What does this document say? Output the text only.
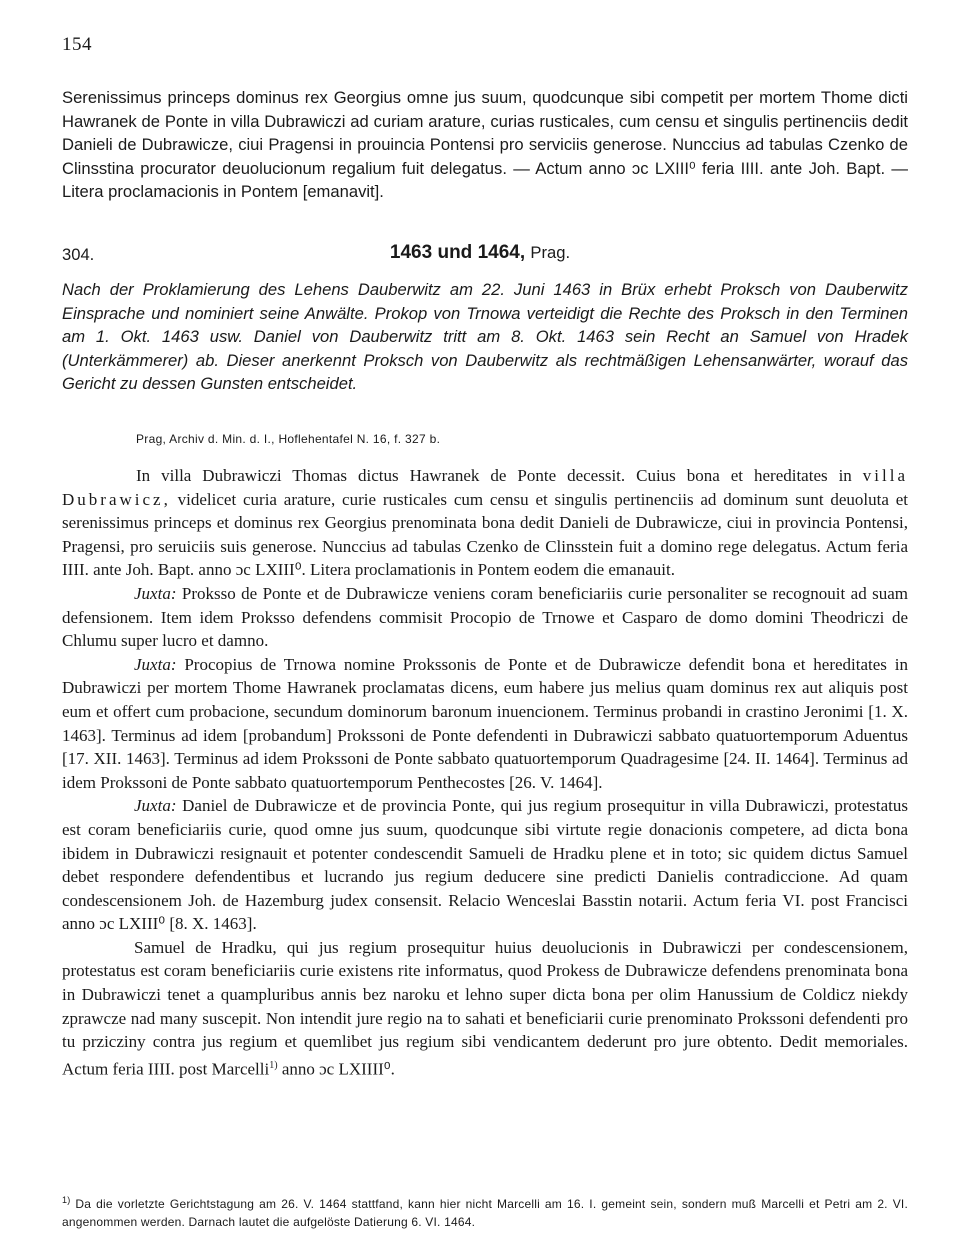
154

Serenissimus princeps dominus rex Georgius omne jus suum, quodcunque sibi competit per mortem Thome dicti Hawranek de Ponte in villa Dubrawiczi ad curiam arature, curias rusticales, cum censu et singulis pertinenciis dedit Danieli de Dubrawicze, ciui Pragensi in prouincia Pontensi pro serviciis generose. Nunccius ad tabulas Czenko de Clinsstina procurator deuolucionum regalium fuit delegatus. — Actum anno ɔc LXIII⁰ feria IIII. ante Joh. Bapt. — Litera proclamacionis in Pontem [emanavit].

304.	1463 und 1464, Prag.

Nach der Proklamierung des Lehens Dauberwitz am 22. Juni 1463 in Brüx erhebt Proksch von Dauberwitz Einsprache und nominiert seine Anwälte. Prokop von Trnowa verteidigt die Rechte des Proksch in den Terminen am 1. Okt. 1463 usw. Daniel von Dauberwitz tritt am 8. Okt. 1463 sein Recht an Samuel von Hradek (Unterkämmerer) ab. Dieser anerkennt Proksch von Dauberwitz als rechtmäßigen Lehensanwärter, worauf das Gericht zu dessen Gunsten entscheidet.

Prag, Archiv d. Min. d. I., Hoflehentafel N. 16, f. 327 b.

In villa Dubrawiczi Thomas dictus Hawranek de Ponte decessit. Cuius bona et hereditates in villa Dubrawicz, videlicet curia arature, curie rusticales cum censu et singulis pertinenciis ad dominum sunt deuoluta et serenissimus princeps et dominus rex Georgius prenominata bona dedit Danieli de Dubrawicze, ciui in provincia Pontensi, Pragensi, pro seruiciis suis generose. Nunccius ad tabulas Czenko de Clinsstein fuit a domino rege delegatus. Actum feria IIII. ante Joh. Bapt. anno ɔc LXIII⁰. Litera proclamationis in Pontem eodem die emanauit.

Juxta: Proksso de Ponte et de Dubrawicze veniens coram beneficiariis curie personaliter se recognouit ad suam defensionem. Item idem Proksso defendens commisit Procopio de Trnowe et Casparo de domo domini Theodriczi de Chlumu super lucro et damno.

Juxta: Procopius de Trnowa nomine Prokssonis de Ponte et de Dubrawicze defendit bona et hereditates in Dubrawiczi per mortem Thome Hawranek proclamatas dicens, eum habere jus melius quam dominus rex aut aliquis post eum et offert cum probacione, secundum dominorum baronum inuencionem. Terminus probandi in crastino Jeronimi [1. X. 1463]. Terminus ad idem [probandum] Prokssoni de Ponte defendenti in Dubrawiczi sabbato quatuortemporum Aduentus [17. XII. 1463]. Terminus ad idem Prokssoni de Ponte sabbato quatuortemporum Quadragesime [24. II. 1464]. Terminus ad idem Prokssoni de Ponte sabbato quatuortemporum Penthecostes [26. V. 1464].

Juxta: Daniel de Dubrawicze et de provincia Ponte, qui jus regium prosequitur in villa Dubrawiczi, protestatus est coram beneficiariis curie, quod omne jus suum, quodcunque sibi virtute regie donacionis competere, ad dicta bona ibidem in Dubrawiczi resignauit et potenter condescendit Samueli de Hradku plene et in toto; sic quidem dictus Samuel debet respondere defendentibus et lucrando jus regium deducere sine predicti Danielis contradiccione. Ad quam condescensionem Joh. de Hazemburg judex consensit. Relacio Wenceslai Basstin notarii. Actum feria VI. post Francisci anno ɔc LXIII⁰ [8. X. 1463].

Samuel de Hradku, qui jus regium prosequitur huius deuolucionis in Dubrawiczi per condescensionem, protestatus est coram beneficiariis curie existens rite informatus, quod Prokess de Dubrawicze defendens prenominata bona in Dubrawiczi tenet a quampluribus annis bez naroku et lehno super dicta bona per olim Hanussium de Coldicz niekdy zprawcze nad many suscepit. Non intendit jure regio na to sahati et beneficiarii curie prenominato Prokssoni defendenti pro tu przicziny contra jus regium et quemlibet jus regium sibi vendicantem dederunt pro jure obtento. Dedit memoriales. Actum feria IIII. post Marcelli$^{1)}$ anno ɔc LXIIII⁰.

$^{1)}$ Da die vorletzte Gerichtstagung am 26. V. 1464 stattfand, kann hier nicht Marcelli am 16. I. gemeint sein, sondern muß Marcelli et Petri am 2. VI. angenommen werden. Darnach lautet die aufgelöste Datierung 6. VI. 1464.
